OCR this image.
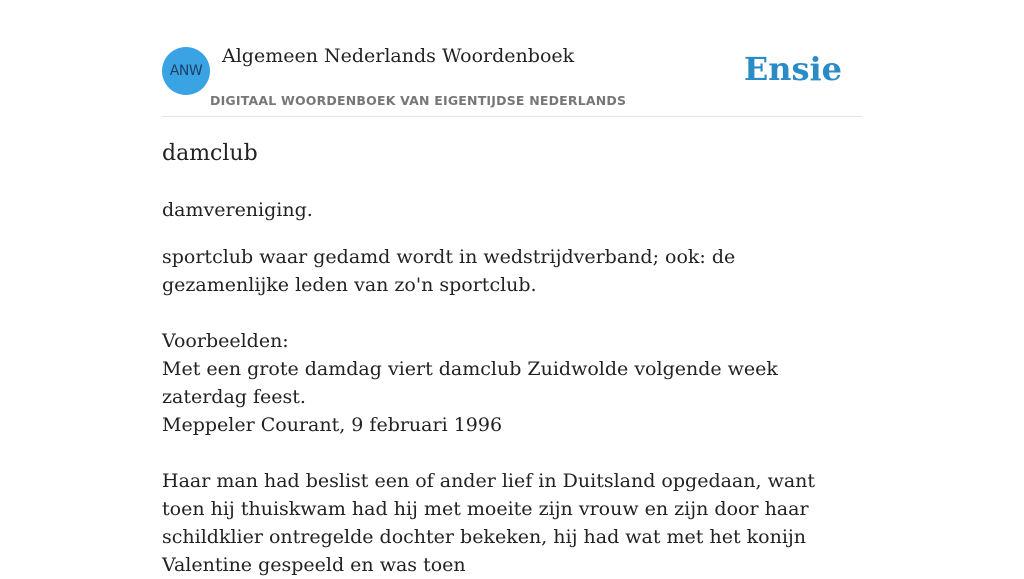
ANW
Algemeen Nederlands Woordenboek
DIGITAAL WOORDENBOEK VAN EIGENTIJDSE NEDERLANDS
Ensie
damclub

damvereniging.

sportclub waar gedamd wordt in wedstrijdverband; ook: de gezamenlijke leden van zo'n sportclub.

Voorbeelden:

Met een grote damdag viert damclub Zuidwolde volgende week zaterdag feest.

Meppeler Courant, 9 februari 1996

Haar man had beslist een of ander lief in Duitsland opgedaan, want toen hij thuiskwam had hij met moeite zijn vrouw en zijn door haar schildklier ontregelde dochter bekeken, hij had wat met het konijn Valentine gespeeld en was toen
